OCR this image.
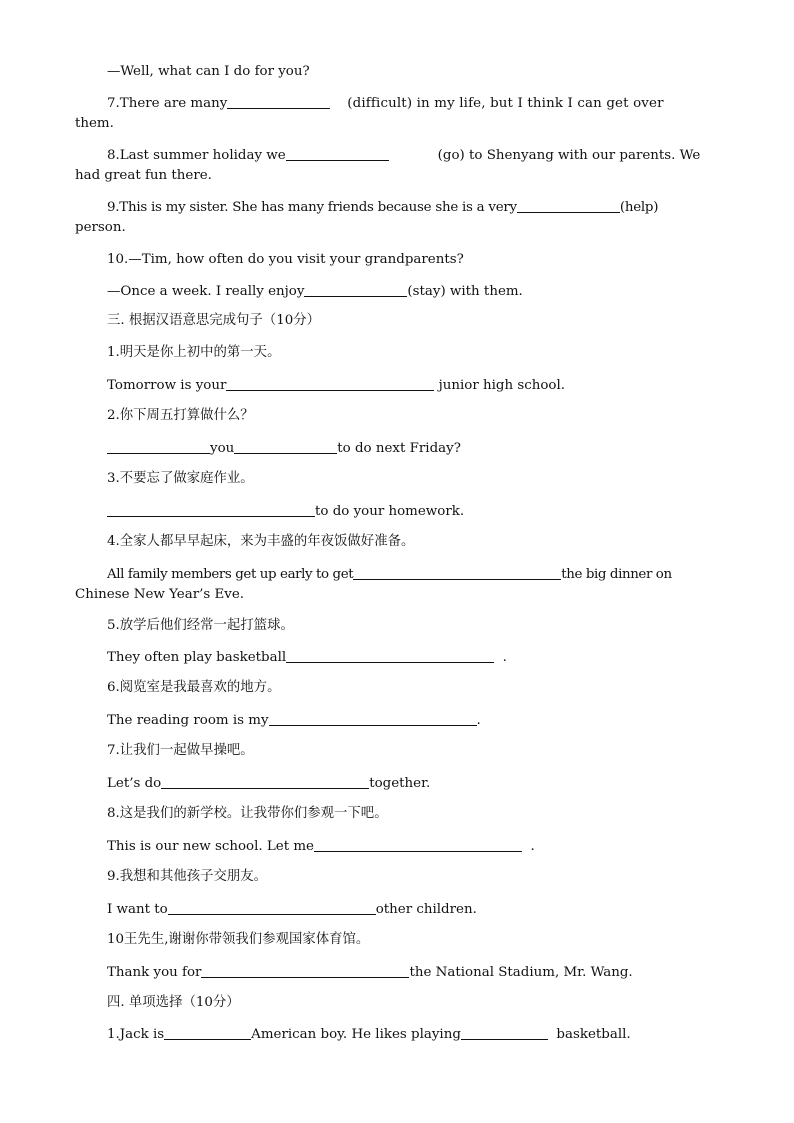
—Well, what can I do for you?
7.There are many	(difficult) in my life, but I think I can get over
them.
8.Last summer holiday we	(go) to Shenyang with our parents. We
had great fun there.
9.This is my sister. She has many friends because she is a very	(help)
person.
10.—Tim, how often do you visit your grandparents?
—Once a week. I really enjoy	(stay) with them.
三. 根据汉语意思完成句子（10分）
1.明天是你上初中的第一天。
Tomorrow is your	junior high school.
2.你下周五打算做什么？
you	to do next Friday?
3.不要忘了做家庭作业。
to do your homework.
4.全家人都早早起床，来为丰盛的年夜饭做好准备。
All family members get up early to get	the big dinner on
Chinese New Year’s Eve.
5.放学后他们经常一起打篮球。
They often play basketball	.
6.阅览室是我最喜欢的地方。
The reading room is my	.
7.让我们一起做早操吧。
Let’s do	together.
8.这是我们的新学校。让我带你们参观一下吧。
This is our new school. Let me	.
9.我想和其他孩子交朋友。
I want to	other children.
10王先生,谢谢你带领我们参观国家体育馆。
Thank you for	the National Stadium, Mr. Wang.
四. 单项选择（10分）
1.Jack is	American boy. He likes playing	basketball.
